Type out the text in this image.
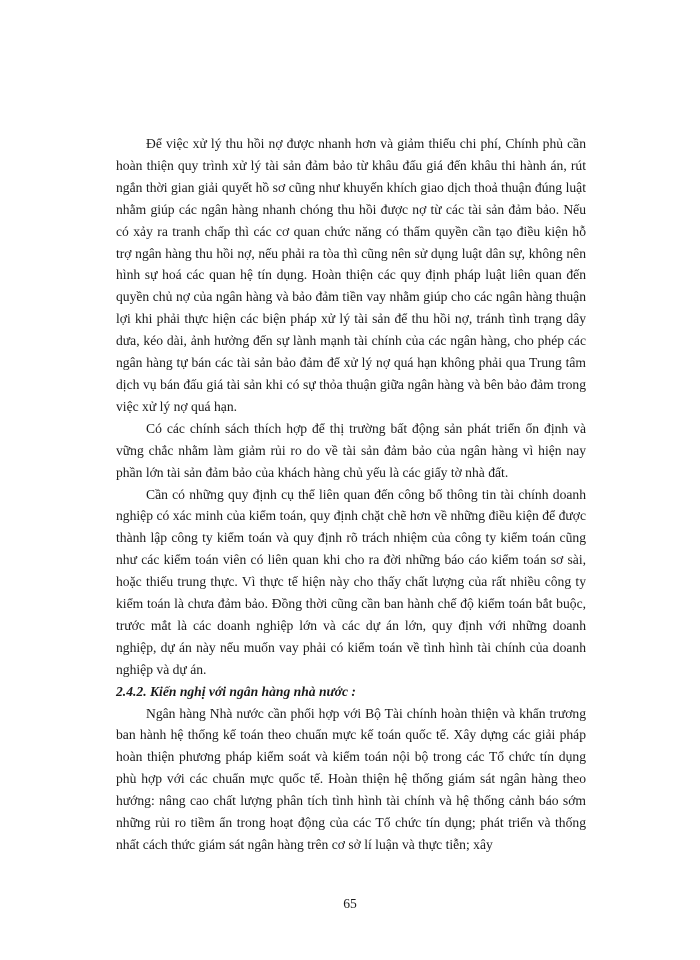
Để việc xử lý thu hồi nợ được nhanh hơn và giảm thiểu chi phí, Chính phủ cần hoàn thiện quy trình xử lý tài sản đảm bảo từ khâu đấu giá đến khâu thi hành án, rút ngắn thời gian giải quyết hồ sơ cũng như khuyến khích giao dịch thoả thuận đúng luật nhằm giúp các ngân hàng nhanh chóng thu hồi được nợ từ các tài sản đảm bảo. Nếu có xảy ra tranh chấp thì các cơ quan chức năng có thẩm quyền cần tạo điều kiện hỗ trợ ngân hàng thu hồi nợ, nếu phải ra tòa thì cũng nên sử dụng luật dân sự, không nên hình sự hoá các quan hệ tín dụng. Hoàn thiện các quy định pháp luật liên quan đến quyền chủ nợ của ngân hàng và bảo đảm tiền vay nhằm giúp cho các ngân hàng thuận lợi khi phải thực hiện các biện pháp xử lý tài sản để thu hồi nợ, tránh tình trạng dây dưa, kéo dài, ảnh hưởng đến sự lành mạnh tài chính của các ngân hàng, cho phép các ngân hàng tự bán các tài sản bảo đảm để xử lý nợ quá hạn không phải qua Trung tâm dịch vụ bán đấu giá tài sản khi có sự thỏa thuận giữa ngân hàng và bên bảo đảm trong việc xử lý nợ quá hạn.

Có các chính sách thích hợp để thị trường bất động sản phát triển ổn định và vững chắc nhằm làm giảm rủi ro do về tài sản đảm bảo của ngân hàng vì hiện nay phần lớn tài sản đảm bảo của khách hàng chủ yếu là các giấy tờ nhà đất.

Cần có những quy định cụ thể liên quan đến công bố thông tin tài chính doanh nghiệp có xác minh của kiểm toán, quy định chặt chẽ hơn về những điều kiện để được thành lập công ty kiểm toán và quy định rõ trách nhiệm của công ty kiểm toán cũng như các kiểm toán viên có liên quan khi cho ra đời những báo cáo kiểm toán sơ sài, hoặc thiếu trung thực. Vì thực tế hiện này cho thấy chất lượng của rất nhiều công ty kiểm toán là chưa đảm bảo. Đồng thời cũng cần ban hành chế độ kiểm toán bắt buộc, trước mắt là các doanh nghiệp lớn và các dự án lớn, quy định với những doanh nghiệp, dự án này nếu muốn vay phải có kiểm toán về tình hình tài chính của doanh nghiệp và dự án.

2.4.2. Kiến nghị với ngân hàng nhà nước :

Ngân hàng Nhà nước cần phối hợp với Bộ Tài chính hoàn thiện và khẩn trương ban hành hệ thống kế toán theo chuẩn mực kế toán quốc tế. Xây dựng các giải pháp hoàn thiện phương pháp kiểm soát và kiểm toán nội bộ trong các Tổ chức tín dụng phù hợp với các chuẩn mực quốc tế. Hoàn thiện hệ thống giám sát ngân hàng theo hướng: nâng cao chất lượng phân tích tình hình tài chính và hệ thống cảnh báo sớm những rủi ro tiềm ẩn trong hoạt động của các Tổ chức tín dụng; phát triển và thống nhất cách thức giám sát ngân hàng trên cơ sở lí luận và thực tiễn; xây

65
